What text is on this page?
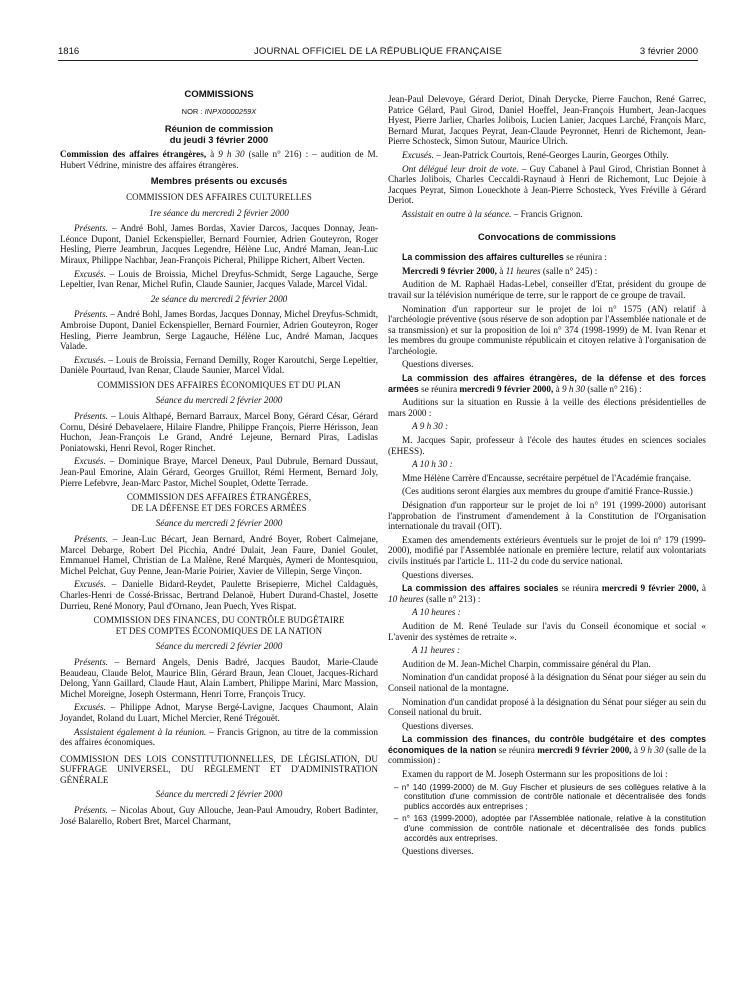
1816	JOURNAL OFFICIEL DE LA RÉPUBLIQUE FRANÇAISE	3 février 2000
COMMISSIONS
NOR : INPX0000259X
Réunion de commission
du jeudi 3 février 2000

Commission des affaires étrangères, à 9 h 30 (salle n° 216) : – audition de M. Hubert Védrine, ministre des affaires étrangères.

Membres présents ou excusés
COMMISSION DES AFFAIRES CULTURELLES
1re séance du mercredi 2 février 2000

Présents. – André Bohl, James Bordas, Xavier Darcos, Jacques Donnay, Jean-Léonce Dupont, Daniel Eckenspieller, Bernard Fournier, Adrien Gouteyron, Roger Hesling, Pierre Jeambrun, Jacques Legendre, Hélène Luc, André Maman, Jean-Luc Miraux, Philippe Nachbar, Jean-François Picheral, Philippe Richert, Albert Vecten.

Excusés. – Louis de Broissia, Michel Dreyfus-Schmidt, Serge Lagauche, Serge Lepeltier, Ivan Renar, Michel Rufin, Claude Saunier, Jacques Valade, Marcel Vidal.

2e séance du mercredi 2 février 2000

Présents. – André Bohl, James Bordas, Jacques Donnay, Michel Dreyfus-Schmidt, Ambroise Dupont, Daniel Eckenspieller, Bernard Fournier, Adrien Gouteyron, Roger Hesling, Pierre Jeambrun, Serge Lagauche, Hélène Luc, André Maman, Jacques Valade.

Excusés. – Louis de Broissia, Fernand Demilly, Roger Karoutchi, Serge Lepeltier, Danièle Pourtaud, Ivan Renar, Claude Saunier, Marcel Vidal.

COMMISSION DES AFFAIRES ÉCONOMIQUES ET DU PLAN
Séance du mercredi 2 février 2000

Présents. – Louis Althapé, Bernard Barraux, Marcel Bony, Gérard César, Gérard Cornu, Désiré Debavelaere, Hilaire Flandre, Philippe François, Pierre Hérisson, Jean Huchon, Jean-François Le Grand, André Lejeune, Bernard Piras, Ladislas Poniatowski, Henri Revol, Roger Rinchet.

Excusés. – Dominique Braye, Marcel Deneux, Paul Dubrule, Bernard Dussaut, Jean-Paul Emorine, Alain Gérard, Georges Gruillot, Rémi Herment, Bernard Joly, Pierre Lefebvre, Jean-Marc Pastor, Michel Souplet, Odette Terrade.

COMMISSION DES AFFAIRES ÉTRANGÈRES,
DE LA DÉFENSE ET DES FORCES ARMÉES
Séance du mercredi 2 février 2000

Présents. – Jean-Luc Bécart, Jean Bernard, André Boyer, Robert Calmejane, Marcel Debarge, Robert Del Picchia, André Dulait, Jean Faure, Daniel Goulet, Emmanuel Hamel, Christian de La Malène, René Marquès, Aymeri de Montesquiou, Michel Pelchat, Guy Penne, Jean-Marie Poirier, Xavier de Villepin, Serge Vinçon.

Excusés. – Danielle Bidard-Reydet, Paulette Brisepierre, Michel Caldaguès, Charles-Henri de Cossé-Brissac, Bertrand Delanoë, Hubert Durand-Chastel, Josette Durrieu, René Monory, Paul d'Ornano, Jean Puech, Yves Rispat.

COMMISSION DES FINANCES, DU CONTRÔLE BUDGÉTAIRE
ET DES COMPTES ÉCONOMIQUES DE LA NATION
Séance du mercredi 2 février 2000

Présents. – Bernard Angels, Denis Badré, Jacques Baudot, Marie-Claude Beaudeau, Claude Belot, Maurice Blin, Gérard Braun, Jean Clouet, Jacques-Richard Delong, Yann Gaillard, Claude Haut, Alain Lambert, Philippe Marini, Marc Massion, Michel Moreigne, Joseph Ostermann, Henri Torre, François Trucy.

Excusés. – Philippe Adnot, Maryse Bergé-Lavigne, Jacques Chaumont, Alain Joyandet, Roland du Luart, Michel Mercier, René Trégouët.

Assistaient également à la réunion. – Francis Grignon, au titre de la commission des affaires économiques.

COMMISSION DES LOIS CONSTITUTIONNELLES, DE LÉGISLATION, DU SUFFRAGE UNIVERSEL, DU RÈGLEMENT ET D'ADMINISTRATION GÉNÉRALE

Séance du mercredi 2 février 2000

Présents. – Nicolas About, Guy Allouche, Jean-Paul Amoudry, Robert Badinter, José Balarello, Robert Bret, Marcel Charmant,

Jean-Paul Delevoye, Gérard Deriot, Dinah Derycke, Pierre Fauchon, René Garrec, Patrice Gélard, Paul Girod, Daniel Hoeffel, Jean-François Humbert, Jean-Jacques Hyest, Pierre Jarlier, Charles Jolibois, Lucien Lanier, Jacques Larché, François Marc, Bernard Murat, Jacques Peyrat, Jean-Claude Peyronnet, Henri de Richemont, Jean-Pierre Schosteck, Simon Sutour, Maurice Ulrich.

Excusés. – Jean-Patrick Courtois, René-Georges Laurin, Georges Othily.

Ont délégué leur droit de vote. – Guy Cabanel à Paul Girod, Christian Bonnet à Charles Jolibois, Charles Ceccaldi-Raynaud à Henri de Richemont, Luc Dejoie à Jacques Peyrat, Simon Loueckhote à Jean-Pierre Schosteck, Yves Fréville à Gérard Deriot.

Assistait en outre à la séance. – Francis Grignon.

Convocations de commissions

La commission des affaires culturelles se réunira :

Mercredi 9 février 2000, à 11 heures (salle n° 245) :

Audition de M. Raphaël Hadas-Lebel, conseiller d'Etat, président du groupe de travail sur la télévision numérique de terre, sur le rapport de ce groupe de travail.

Nomination d'un rapporteur sur le projet de loi n° 1575 (AN) relatif à l'archéologie préventive (sous réserve de son adoption par l'Assemblée nationale et de sa transmission) et sur la proposition de loi n° 374 (1998-1999) de M. Ivan Renar et les membres du groupe communiste républicain et citoyen relative à l'organisation de l'archéologie.

Questions diverses.

La commission des affaires étrangères, de la défense et des forces armées se réunira mercredi 9 février 2000, à 9 h 30 (salle n° 216) :

Auditions sur la situation en Russie à la veille des élections présidentielles de mars 2000 :

A 9 h 30 :

M. Jacques Sapir, professeur à l'école des hautes études en sciences sociales (EHESS).

A 10 h 30 :

Mme Hélène Carrère d'Encausse, secrétaire perpétuel de l'Académie française.

(Ces auditions seront élargies aux membres du groupe d'amitié France-Russie.)

Désignation d'un rapporteur sur le projet de loi n° 191 (1999-2000) autorisant l'approbation de l'instrument d'amendement à la Constitution de l'Organisation internationale du travail (OIT).

Examen des amendements extérieurs éventuels sur le projet de loi n° 179 (1999-2000), modifié par l'Assemblée nationale en première lecture, relatif aux volontariats civils institués par l'article L. 111-2 du code du service national.

Questions diverses.

La commission des affaires sociales se réunira mercredi 9 février 2000, à 10 heures (salle n° 213) :

A 10 heures :

Audition de M. René Teulade sur l'avis du Conseil économique et social « L'avenir des systèmes de retraite ».

A 11 heures :

Audition de M. Jean-Michel Charpin, commissaire général du Plan.

Nomination d'un candidat proposé à la désignation du Sénat pour siéger au sein du Conseil national de la montagne.

Nomination d'un candidat proposé à la désignation du Sénat pour siéger au sein du Conseil national du bruit.

Questions diverses.

La commission des finances, du contrôle budgétaire et des comptes économiques de la nation se réunira mercredi 9 février 2000, à 9 h 30 (salle de la commission) :

Examen du rapport de M. Joseph Ostermann sur les propositions de loi :

– n° 140 (1999-2000) de M. Guy Fischer et plusieurs de ses collègues relative à la constitution d'une commission de contrôle nationale et décentralisée des fonds publics accordés aux entreprises ;

– n° 163 (1999-2000), adoptée par l'Assemblée nationale, relative à la constitution d'une commission de contrôle nationale et décentralisée des fonds publics accordés aux entreprises.

Questions diverses.
